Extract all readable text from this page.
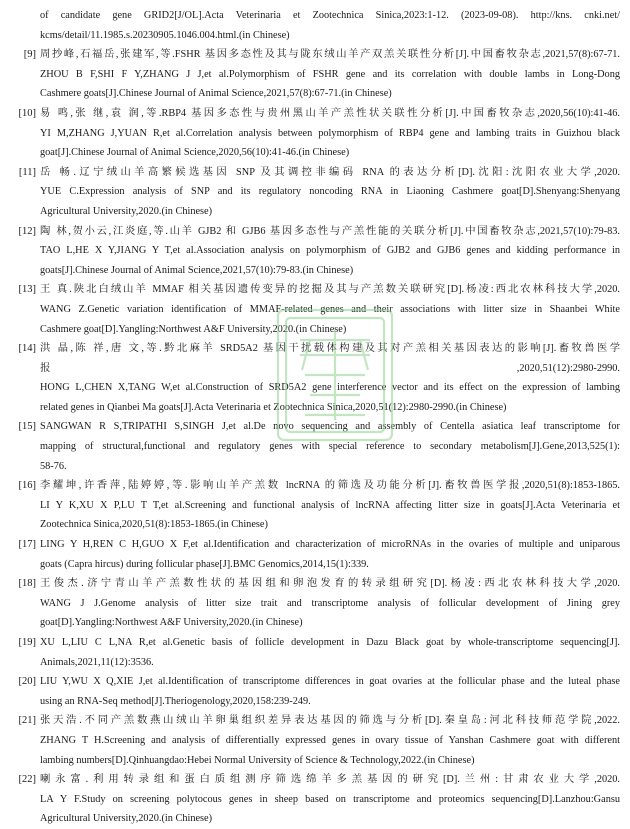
of candidate gene GRID2[J/OL].Acta Veterinaria et Zootechnica Sinica,2023:1-12. (2023-09-08). http://kns. cnki.net/
kcms/detail/11.1985.s.20230905.1046.004.html.(in Chinese)
[9] 周抄峰,石福岳,张建军,等.FSHR 基因多态性及其与陇东绒山羊产双羔关联性分析[J].中国畜牧杂志,2021,57(8):67-71.
ZHOU B F,SHI F Y,ZHANG J J,et al.Polymorphism of FSHR gene and its correlation with double lambs in Long-Dong
Cashmere goats[J].Chinese Journal of Animal Science,2021,57(8):67-71.(in Chinese)
[10] 易 鸣,张 继,袁 润,等.RBP4 基因多态性与贵州黑山羊产羔性状关联性分析[J].中国畜牧杂志,2020,56(10):41-46.
YI M,ZHANG J,YUAN R,et al.Correlation analysis between polymorphism of RBP4 gene and lambing traits in Guizhou black
goat[J].Chinese Journal of Animal Science,2020,56(10):41-46.(in Chinese)
[11] 岳 畅.辽宁绒山羊高繁候选基因 SNP 及其调控非编码 RNA 的表达分析[D].沈阳:沈阳农业大学,2020.
YUE C.Expression analysis of SNP and its regulatory noncoding RNA in Liaoning Cashmere goat[D].Shenyang:Shenyang
Agricultural University,2020.(in Chinese)
[12] 陶 林,贺小云,江炎庭,等.山羊 GJB2 和 GJB6 基因多态性与产羔性能的关联分析[J].中国畜牧杂志,2021,57(10):79-83.
TAO L,HE X Y,JIANG Y T,et al.Association analysis on polymorphism of GJB2 and GJB6 genes and kidding performance in
goats[J].Chinese Journal of Animal Science,2021,57(10):79-83.(in Chinese)
[13] 王 真.陕北白绒山羊 MMAF 相关基因遗传变异的挖掘及其与产羔数关联研究[D].杨凌:西北农林科技大学,2020.
WANG Z.Genetic variation identification of MMAF-related genes and their associations with litter size in Shaanbei White
Cashmere goat[D].Yangling:Northwest A&F University,2020.(in Chinese)
[14] 洪 晶,陈 祥,唐 文,等.黔北麻羊 SRD5A2 基因干扰载体构建及其对产羔相关基因表达的影响[J].畜牧兽医学
报,2020,51(12):2980-2990.
HONG L,CHEN X,TANG W,et al.Construction of SRD5A2 gene interference vector and its effect on the expression of lambing
related genes in Qianbei Ma goats[J].Acta Veterinaria et Zootechnica Sinica,2020,51(12):2980-2990.(in Chinese)
[15] SANGWAN R S,TRIPATHI S,SINGH J,et al.De novo sequencing and assembly of Centella asiatica leaf transcriptome for
mapping of structural,functional and regulatory genes with special reference to secondary metabolism[J].Gene,2013,525(1):
58-76.
[16] 李耀坤,许香萍,陆婷婷,等.影响山羊产羔数 lncRNA 的筛选及功能分析[J].畜牧兽医学报,2020,51(8):1853-1865.
LI Y K,XU X P,LU T T,et al.Screening and functional analysis of lncRNA affecting litter size in goats[J].Acta Veterinaria et
Zootechnica Sinica,2020,51(8):1853-1865.(in Chinese)
[17] LING Y H,REN C H,GUO X F,et al.Identification and characterization of microRNAs in the ovaries of multiple and uniparous
goats (Capra hircus) during follicular phase[J].BMC Genomics,2014,15(1):339.
[18] 王俊杰.济宁青山羊产羔数性状的基因组和卵泡发育的转录组研究[D].杨凌:西北农林科技大学,2020.
WANG J J.Genome analysis of litter size trait and transcriptome analysis of follicular development of Jining grey
goat[D].Yangling:Northwest A&F University,2020.(in Chinese)
[19] XU L,LIU C L,NA R,et al.Genetic basis of follicle development in Dazu Black goat by whole-transcriptome sequencing[J].
Animals,2021,11(12):3536.
[20] LIU Y,WU X Q,XIE J,et al.Identification of transcriptome differences in goat ovaries at the follicular phase and the luteal phase
using an RNA-Seq method[J].Theriogenology,2020,158:239-249.
[21] 张天浩.不同产羔数燕山绒山羊卵巢组织差异表达基因的筛选与分析[D].秦皇岛:河北科技师范学院,2022.
ZHANG T H.Screening and analysis of differentially expressed genes in ovary tissue of Yanshan Cashmere goat with different
lambing numbers[D].Qinhuangdao:Hebei Normal University of Science & Technology,2022.(in Chinese)
[22] 喇永富.利用转录组和蛋白质组测序筛选绵羊多羔基因的研究[D].兰州:甘肃农业大学,2020.
LA Y F.Study on screening polytocous genes in sheep based on transcriptome and proteomics sequencing[D].Lanzhou:Gansu
Agricultural University,2020.(in Chinese)
